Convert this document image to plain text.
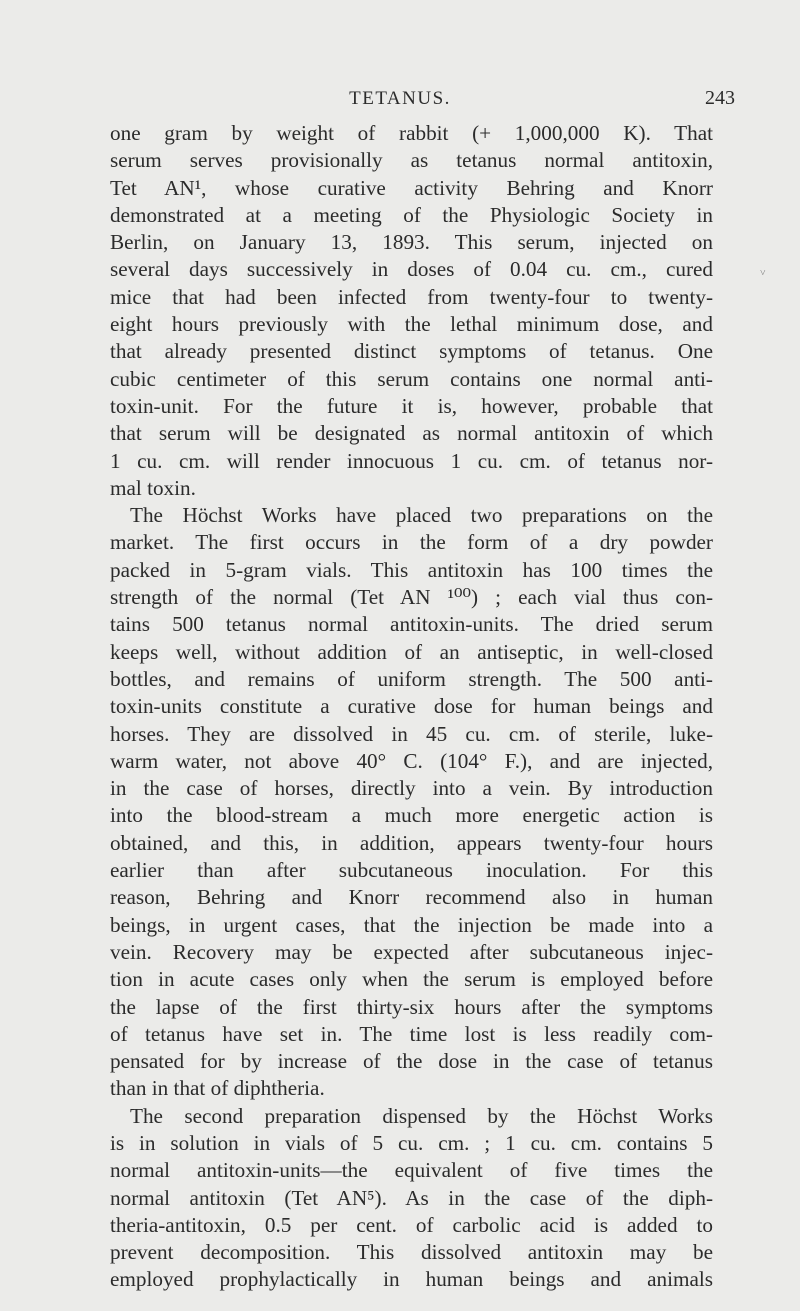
TETANUS.	243
˅
one gram by weight of rabbit (+ 1,000,000 K). That
serum serves provisionally as tetanus normal antitoxin,
Tet AN¹, whose curative activity Behring and Knorr
demonstrated at a meeting of the Physiologic Society in
Berlin, on January 13, 1893. This serum, injected on
several days successively in doses of 0.04 cu. cm., cured
mice that had been infected from twenty-four to twenty-
eight hours previously with the lethal minimum dose, and
that already presented distinct symptoms of tetanus. One
cubic centimeter of this serum contains one normal anti-
toxin-unit. For the future it is, however, probable that
that serum will be designated as normal antitoxin of which
1 cu. cm. will render innocuous 1 cu. cm. of tetanus nor-
mal toxin.
The Höchst Works have placed two preparations on the
market. The first occurs in the form of a dry powder
packed in 5-gram vials. This antitoxin has 100 times the
strength of the normal (Tet AN ¹⁰⁰) ; each vial thus con-
tains 500 tetanus normal antitoxin-units. The dried serum
keeps well, without addition of an antiseptic, in well-closed
bottles, and remains of uniform strength. The 500 anti-
toxin-units constitute a curative dose for human beings and
horses. They are dissolved in 45 cu. cm. of sterile, luke-
warm water, not above 40° C. (104° F.), and are injected,
in the case of horses, directly into a vein. By introduction
into the blood-stream a much more energetic action is
obtained, and this, in addition, appears twenty-four hours
earlier than after subcutaneous inoculation. For this
reason, Behring and Knorr recommend also in human
beings, in urgent cases, that the injection be made into a
vein. Recovery may be expected after subcutaneous injec-
tion in acute cases only when the serum is employed before
the lapse of the first thirty-six hours after the symptoms
of tetanus have set in. The time lost is less readily com-
pensated for by increase of the dose in the case of tetanus
than in that of diphtheria.
The second preparation dispensed by the Höchst Works
is in solution in vials of 5 cu. cm. ; 1 cu. cm. contains 5
normal antitoxin-units—the equivalent of five times the
normal antitoxin (Tet AN⁵). As in the case of the diph-
theria-antitoxin, 0.5 per cent. of carbolic acid is added to
prevent decomposition. This dissolved antitoxin may be
employed prophylactically in human beings and animals
